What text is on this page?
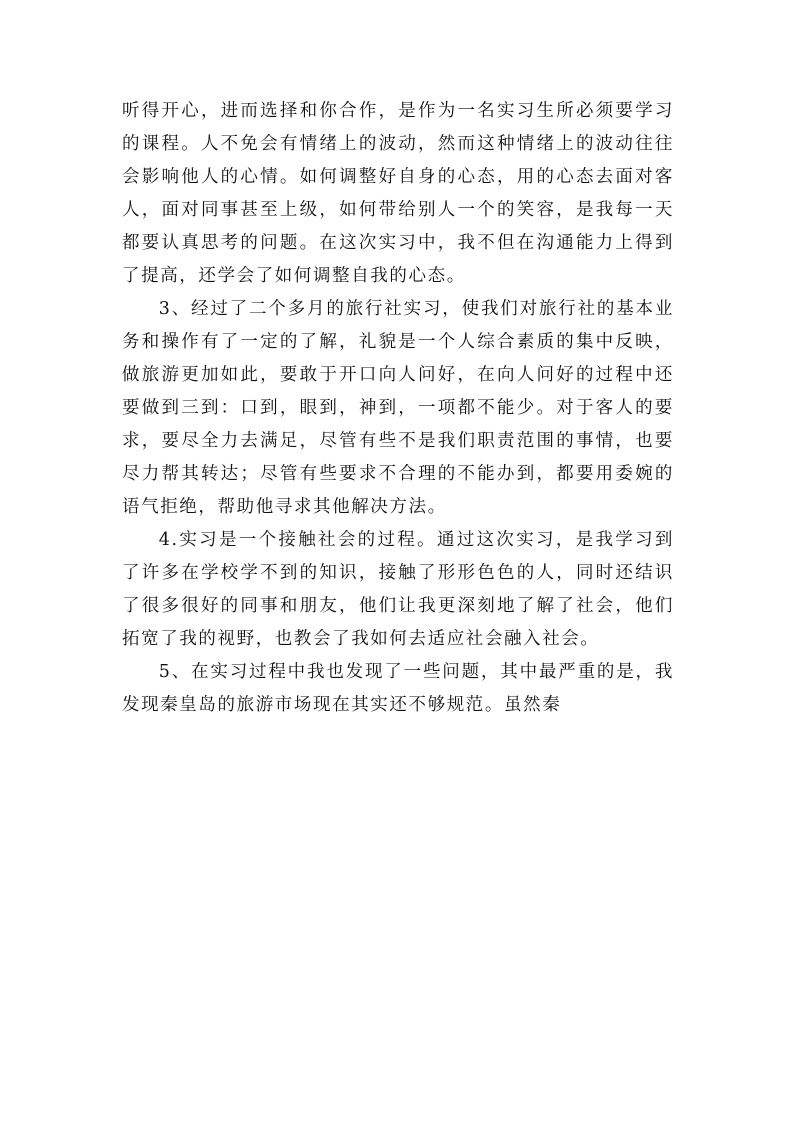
听得开心，进而选择和你合作，是作为一名实习生所必须要学习的课程。人不免会有情绪上的波动，然而这种情绪上的波动往往会影响他人的心情。如何调整好自身的心态，用的心态去面对客人，面对同事甚至上级，如何带给别人一个的笑容，是我每一天都要认真思考的问题。在这次实习中，我不但在沟通能力上得到了提高，还学会了如何调整自我的心态。

3、经过了二个多月的旅行社实习，使我们对旅行社的基本业务和操作有了一定的了解，礼貌是一个人综合素质的集中反映，做旅游更加如此，要敢于开口向人问好，在向人问好的过程中还要做到三到：口到，眼到，神到，一项都不能少。对于客人的要求，要尽全力去满足，尽管有些不是我们职责范围的事情，也要尽力帮其转达；尽管有些要求不合理的不能办到，都要用委婉的语气拒绝，帮助他寻求其他解决方法。

4.实习是一个接触社会的过程。通过这次实习，是我学习到了许多在学校学不到的知识，接触了形形色色的人，同时还结识了很多很好的同事和朋友，他们让我更深刻地了解了社会，他们拓宽了我的视野，也教会了我如何去适应社会融入社会。

5、在实习过程中我也发现了一些问题，其中最严重的是，我发现秦皇岛的旅游市场现在其实还不够规范。虽然秦
